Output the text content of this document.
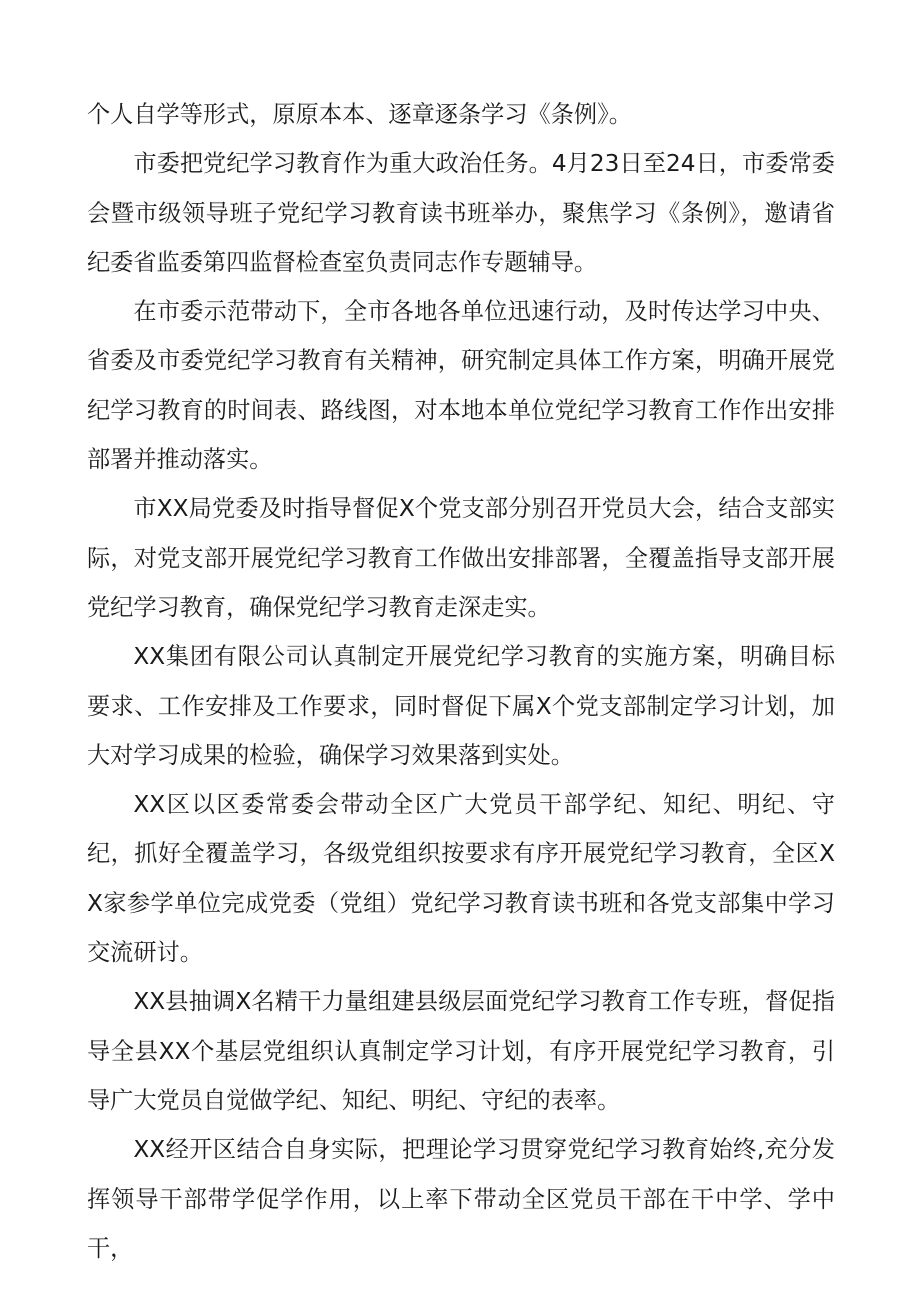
个人自学等形式，原原本本、逐章逐条学习《条例》。

市委把党纪学习教育作为重大政治任务。4月23日至24日，市委常委会暨市级领导班子党纪学习教育读书班举办，聚焦学习《条例》，邀请省纪委省监委第四监督检查室负责同志作专题辅导。

在市委示范带动下，全市各地各单位迅速行动，及时传达学习中央、省委及市委党纪学习教育有关精神，研究制定具体工作方案，明确开展党纪学习教育的时间表、路线图，对本地本单位党纪学习教育工作作出安排部署并推动落实。

市XX局党委及时指导督促X个党支部分别召开党员大会，结合支部实际，对党支部开展党纪学习教育工作做出安排部署，全覆盖指导支部开展党纪学习教育，确保党纪学习教育走深走实。

XX集团有限公司认真制定开展党纪学习教育的实施方案，明确目标要求、工作安排及工作要求，同时督促下属X个党支部制定学习计划，加大对学习成果的检验，确保学习效果落到实处。

XX区以区委常委会带动全区广大党员干部学纪、知纪、明纪、守纪，抓好全覆盖学习，各级党组织按要求有序开展党纪学习教育，全区XX家参学单位完成党委（党组）党纪学习教育读书班和各党支部集中学习交流研讨。

XX县抽调X名精干力量组建县级层面党纪学习教育工作专班，督促指导全县XX个基层党组织认真制定学习计划，有序开展党纪学习教育，引导广大党员自觉做学纪、知纪、明纪、守纪的表率。

XX经开区结合自身实际，把理论学习贯穿党纪学习教育始终,充分发挥领导干部带学促学作用，以上率下带动全区党员干部在干中学、学中干，
